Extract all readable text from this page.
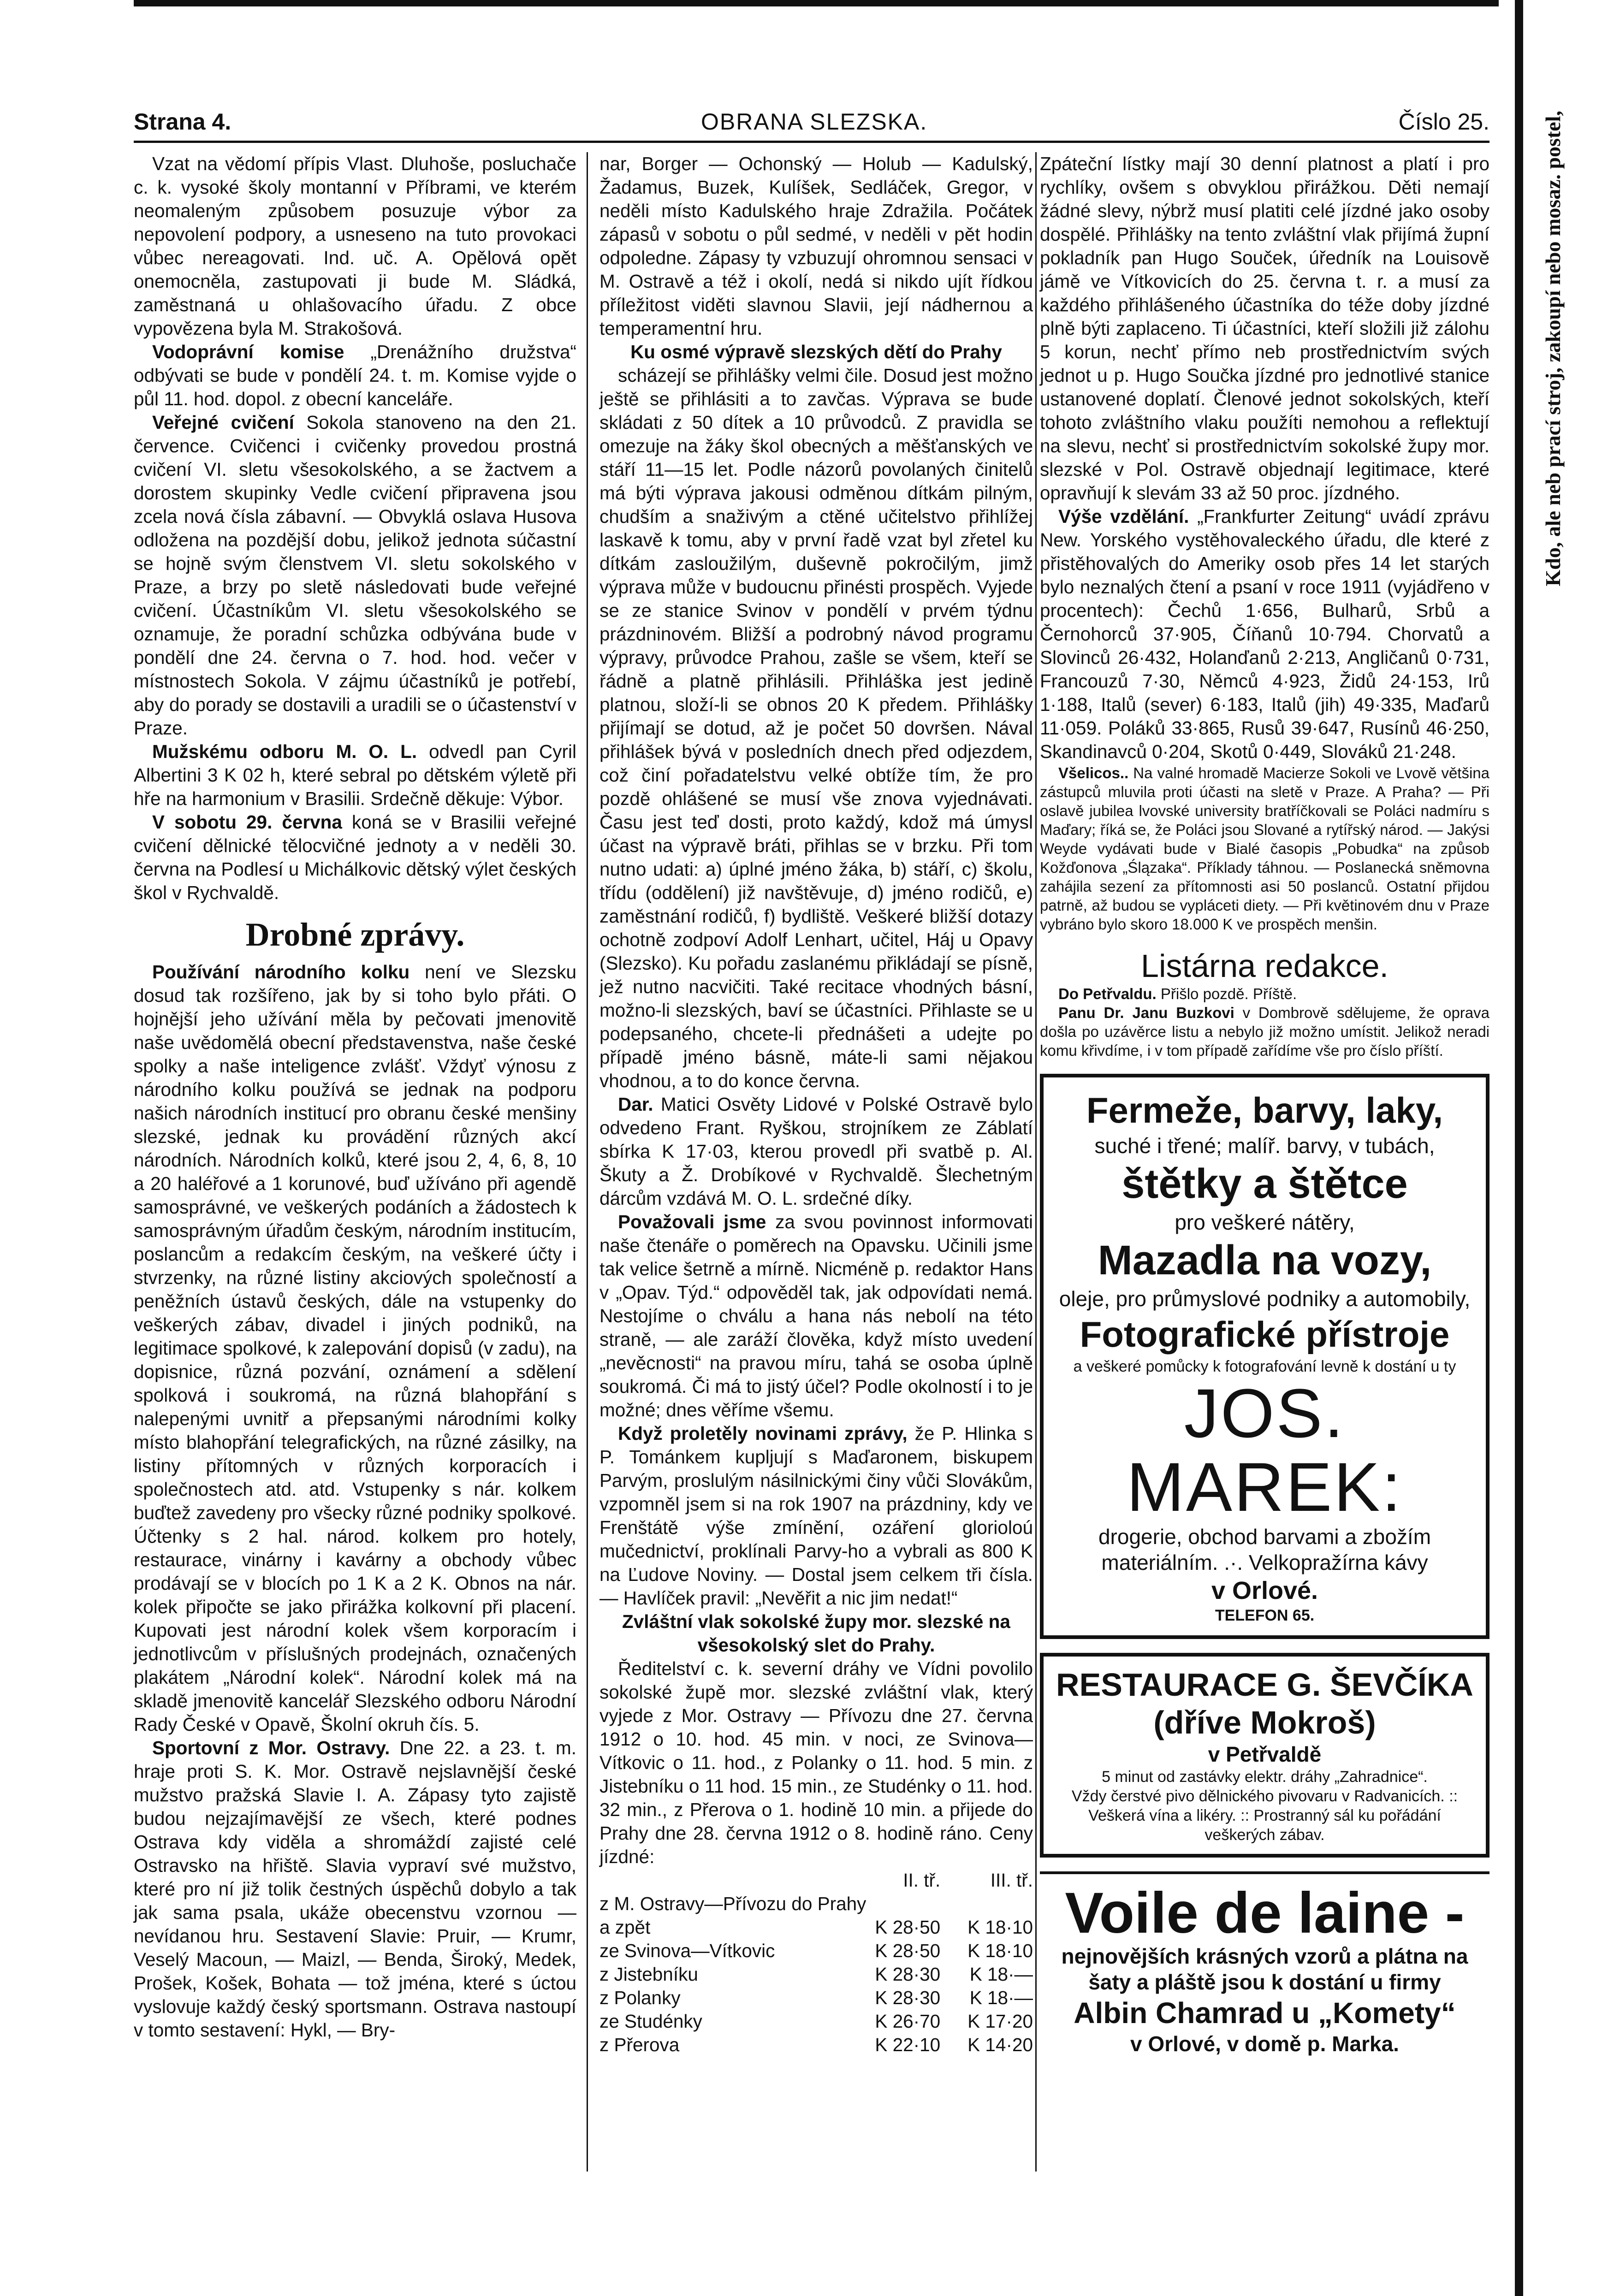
Strana 4.	OBRANA SLEZSKA.	Číslo 25.

Vzat na vědomí přípis Vlast. Dluhoše, posluchače c. k. vysoké školy montanní v Příbrami, ve kterém neomaleným způsobem posuzuje výbor za nepovolení podpory, a usneseno na tuto provokaci vůbec nereagovati. Ind. uč. A. Opělová opět onemocněla, zastupovati ji bude M. Sládká, zaměstnaná u ohlašovacího úřadu. Z obce vypovězena byla M. Strakošová.

Vodoprávní komise „Drenážního družstva“ odbývati se bude v pondělí 24. t. m. Komise vyjde o půl 11. hod. dopol. z obecní kanceláře.

Veřejné cvičení Sokola stanoveno na den 21. července. Cvičenci i cvičenky provedou prostná cvičení VI. sletu všesokolského, a se žactvem a dorostem skupinky Vedle cvičení připravena jsou zcela nová čísla zábavní. — Obvyklá oslava Husova odložena na pozdější dobu, jelikož jednota súčastní se hojně svým členstvem VI. sletu sokolského v Praze, a brzy po sletě následovati bude veřejné cvičení. Účastníkům VI. sletu všesokolského se oznamuje, že poradní schůzka odbývána bude v pondělí dne 24. června o 7. hod. hod. večer v místnostech Sokola. V zájmu účastníků je potřebí, aby do porady se dostavili a uradili se o účastenství v Praze.

Mužskému odboru M. O. L. odvedl pan Cyril Albertini 3 K 02 h, které sebral po dětském výletě při hře na harmonium v Brasilii. Srdečně děkuje: Výbor.

V sobotu 29. června koná se v Brasilii veřejné cvičení dělnické tělocvičné jednoty a v neděli 30. června na Podlesí u Michálkovic dětský výlet českých škol v Rychvaldě.

Drobné zprávy.

Používání národního kolku není ve Slezsku dosud tak rozšířeno, jak by si toho bylo přáti. O hojnější jeho užívání měla by pečovati jmenovitě naše uvědomělá obecní představenstva, naše české spolky a naše inteligence zvlášť. Vždyť výnosu z národního kolku používá se jednak na podporu našich národních institucí pro obranu české menšiny slezské, jednak ku provádění různých akcí národních. Národních kolků, které jsou 2, 4, 6, 8, 10 a 20 haléřové a 1 korunové, buď užíváno při agendě samosprávné, ve veškerých podáních a žádostech k samosprávným úřadům českým, národním institucím, poslancům a redakcím českým, na veškeré účty i stvrzenky, na různé listiny akciových společností a peněžních ústavů českých, dále na vstupenky do veškerých zábav, divadel i jiných podniků, na legitimace spolkové, k zalepování dopisů (v zadu), na dopisnice, různá pozvání, oznámení a sdělení spolková i soukromá, na různá blahopřání s nalepenými uvnitř a přepsanými národními kolky místo blahopřání telegrafických, na různé zásilky, na listiny přítomných v různých korporacích i společnostech atd. atd. Vstupenky s nár. kolkem buďtež zavedeny pro všecky různé podniky spolkové. Účtenky s 2 hal. národ. kolkem pro hotely, restaurace, vinárny i kavárny a obchody vůbec prodávají se v blocích po 1 K a 2 K. Obnos na nár. kolek připočte se jako přirážka kolkovní při placení. Kupovati jest národní kolek všem korporacím i jednotlivcům v příslušných prodejnách, označených plakátem „Národní kolek“. Národní kolek má na skladě jmenovitě kancelář Slezského odboru Národní Rady České v Opavě, Školní okruh čís. 5.

Sportovní z Mor. Ostravy. Dne 22. a 23. t. m. hraje proti S. K. Mor. Ostravě nejslavnější české mužstvo pražská Slavie I. A. Zápasy tyto zajistě budou nejzajímavější ze všech, které podnes Ostrava kdy viděla a shromáždí zajisté celé Ostravsko na hřiště. Slavia vypraví své mužstvo, které pro ní již tolik čestných úspěchů dobylo a tak jak sama psala, ukáže obecenstvu vzornou — nevídanou hru. Sestavení Slavie: Pruir, — Krumr, Veselý Macoun, — Maizl, — Benda, Široký, Medek, Prošek, Košek, Bohata — tož jména, které s úctou vyslovuje každý český sportsmann. Ostrava nastoupí v tomto sestavení: Hykl, — Bry-

nar, Borger — Ochonský — Holub — Kadulský, Žadamus, Buzek, Kulíšek, Sedláček, Gregor, v neděli místo Kadulského hraje Zdražila. Počátek zápasů v sobotu o půl sedmé, v neděli v pět hodin odpoledne. Zápasy ty vzbuzují ohromnou sensaci v M. Ostravě a též i okolí, nedá si nikdo ujít řídkou příležitost viděti slavnou Slavii, její nádhernou a temperamentní hru.

Ku osmé výpravě slezských dětí do Prahy

scházejí se přihlášky velmi čile. Dosud jest možno ještě se přihlásiti a to zavčas. Výprava se bude skládati z 50 dítek a 10 průvodců. Z pravidla se omezuje na žáky škol obecných a měšťanských ve stáří 11—15 let. Podle názorů povolaných činitelů má býti výprava jakousi odměnou dítkám pilným, chudším a snaživým a ctěné učitelstvo přihlížej laskavě k tomu, aby v první řadě vzat byl zřetel ku dítkám zasloužilým, duševně pokročilým, jimž výprava může v budoucnu přinésti prospěch. Vyjede se ze stanice Svinov v pondělí v prvém týdnu prázdninovém. Bližší a podrobný návod programu výpravy, průvodce Prahou, zašle se všem, kteří se řádně a platně přihlásili. Přihláška jest jedině platnou, složí-li se obnos 20 K předem. Přihlášky přijímají se dotud, až je počet 50 dovršen. Nával přihlášek bývá v posledních dnech před odjezdem, což činí pořadatelstvu velké obtíže tím, že pro pozdě ohlášené se musí vše znova vyjednávati. Času jest teď dosti, proto každý, kdož má úmysl účast na výpravě bráti, přihlas se v brzku. Při tom nutno udati: a) úplné jméno žáka, b) stáří, c) školu, třídu (oddělení) již navštěvuje, d) jméno rodičů, e) zaměstnání rodičů, f) bydliště. Veškeré bližší dotazy ochotně zodpoví Adolf Lenhart, učitel, Háj u Opavy (Slezsko). Ku pořadu zaslanému přikládají se písně, jež nutno nacvičiti. Také recitace vhodných básní, možno-li slezských, baví se účastníci. Přihlaste se u podepsaného, chcete-li přednášeti a udejte po případě jméno básně, máte-li sami nějakou vhodnou, a to do konce června.

Dar. Matici Osvěty Lidové v Polské Ostravě bylo odvedeno Frant. Ryškou, strojníkem ze Záblatí sbírka K 17·03, kterou provedl při svatbě p. Al. Škuty a Ž. Drobíkové v Rychvaldě. Šlechetným dárcům vzdává M. O. L. srdečné díky.

Považovali jsme za svou povinnost informovati naše čtenáře o poměrech na Opavsku. Učinili jsme tak velice šetrně a mírně. Nicméně p. redaktor Hans v „Opav. Týd.“ odpověděl tak, jak odpovídati nemá. Nestojíme o chválu a hana nás nebolí na této straně, — ale zaráží člověka, když místo uvedení „nevěcnosti“ na pravou míru, tahá se osoba úplně soukromá. Či má to jistý účel? Podle okolností i to je možné; dnes věříme všemu.

Když proletěly novinami zprávy, že P. Hlinka s P. Tománkem kupljují s Maďaronem, biskupem Parvým, proslulým násilnickými činy vůči Slovákům, vzpomněl jsem si na rok 1907 na prázdniny, kdy ve Frenštátě výše zmínění, ozáření glorioloú mučednictví, proklínali Parvy-ho a vybrali as 800 K na Ľudove Noviny. — Dostal jsem celkem tři čísla. — Havlíček pravil: „Nevěřit a nic jim nedat!“

Zvláštní vlak sokolské župy mor. slezské na všesokolský slet do Prahy.

Ředitelství c. k. severní dráhy ve Vídni povolilo sokolské župě mor. slezské zvláštní vlak, který vyjede z Mor. Ostravy — Přívozu dne 27. června 1912 o 10. hod. 45 min. v noci, ze Svinova—Vítkovic o 11. hod., z Polanky o 11. hod. 5 min. z Jistebníku o 11 hod. 15 min., ze Studénky o 11. hod. 32 min., z Přerova o 1. hodině 10 min. a přijede do Prahy dne 28. června 1912 o 8. hodině ráno. Ceny jízdné:

	II. tř.	III. tř.
z M. Ostravy—Přívozu do Prahy		
a zpět	K 28·50	K 18·10
ze Svinova—Vítkovic	K 28·50	K 18·10
z Jistebníku	K 28·30	K 18·—
z Polanky	K 28·30	K 18·—
ze Studénky	K 26·70	K 17·20
z Přerova	K 22·10	K 14·20

Zpáteční lístky mají 30 denní platnost a platí i pro rychlíky, ovšem s obvyklou přirážkou. Děti nemají žádné slevy, nýbrž musí platiti celé jízdné jako osoby dospělé. Přihlášky na tento zvláštní vlak přijímá župní pokladník pan Hugo Souček, úředník na Louisově jámě ve Vítkovicích do 25. června t. r. a musí za každého přihlášeného účastníka do téže doby jízdné plně býti zaplaceno. Ti účastníci, kteří složili již zálohu 5 korun, nechť přímo neb prostřednictvím svých jednot u p. Hugo Součka jízdné pro jednotlivé stanice ustanovené doplatí. Členové jednot sokolských, kteří tohoto zvláštního vlaku použíti nemohou a reflektují na slevu, nechť si prostřednictvím sokolské župy mor. slezské v Pol. Ostravě objednají legitimace, které opravňují k slevám 33 až 50 proc. jízdného.

Výše vzdělání. „Frankfurter Zeitung“ uvádí zprávu New. Yorského vystěhovaleckého úřadu, dle které z přistěhovalých do Ameriky osob přes 14 let starých bylo neznalých čtení a psaní v roce 1911 (vyjádřeno v procentech): Čechů 1·656, Bulharů, Srbů a Černohorců 37·905, Číňanů 10·794. Chorvatů a Slovinců 26·432, Holanďanů 2·213, Angličanů 0·731, Francouzů 7·30, Němců 4·923, Židů 24·153, Irů 1·188, Italů (sever) 6·183, Italů (jih) 49·335, Maďarů 11·059. Poláků 33·865, Rusů 39·647, Rusínů 46·250, Skandinavců 0·204, Skotů 0·449, Slováků 21·248.

Všelicos.. Na valné hromadě Macierze Sokoli ve Lvově většina zástupců mluvila proti účasti na sletě v Praze. A Praha? — Při oslavě jubilea lvovské university bratříčkovali se Poláci nadmíru s Maďary; říká se, že Poláci jsou Slované a rytířský národ. — Jakýsi Weyde vydávati bude v Bialé časopis „Pobudka“ na způsob Kožďonova „Ślązaka“. Příklady táhnou. — Poslanecká sněmovna zahájila sezení za přítomnosti asi 50 poslanců. Ostatní přijdou patrně, až budou se vypláceti diety. — Při květinovém dnu v Praze vybráno bylo skoro 18.000 K ve prospěch menšin.

Listárna redakce.

Do Petřvaldu. Přišlo pozdě. Příště.

Panu Dr. Janu Buzkovi v Dombrově sdělujeme, že oprava došla po uzávěrce listu a nebylo již možno umístit. Jelikož neradi komu křivdíme, i v tom případě zařídíme vše pro číslo příští.

Fermeže, barvy, laky,
suché i třené; malíř. barvy, v tubách,
štětky a štětce
pro veškeré nátěry,
Mazadla na vozy,
oleje, pro průmyslové podniky a automobily,
Fotografické přístroje
a veškeré pomůcky k fotografování levně k dostání u ty
JOS. MAREK:
drogerie, obchod barvami a zbožím materiálním. .·. Velkopražírna kávy
v Orlové.
TELEFON 65.
RESTAURACE G. ŠEVČÍKA (dříve Mokroš)
v Petřvaldě
5 minut od zastávky elektr. dráhy „Zahradnice“.
Vždy čerstvé pivo dělnického pivovaru v Radvanicích. :: Veškerá vína a likéry. :: Prostranný sál ku pořádání veškerých zábav.
Voile de laine -
nejnovějších krásných vzorů a plátna na šaty a pláště jsou k dostání u firmy
Albin Chamrad u „Komety“
v Orlové, v domě p. Marka.
Kdo, ale neb prací stroj, zakoupí nebo mosaz. postel,
